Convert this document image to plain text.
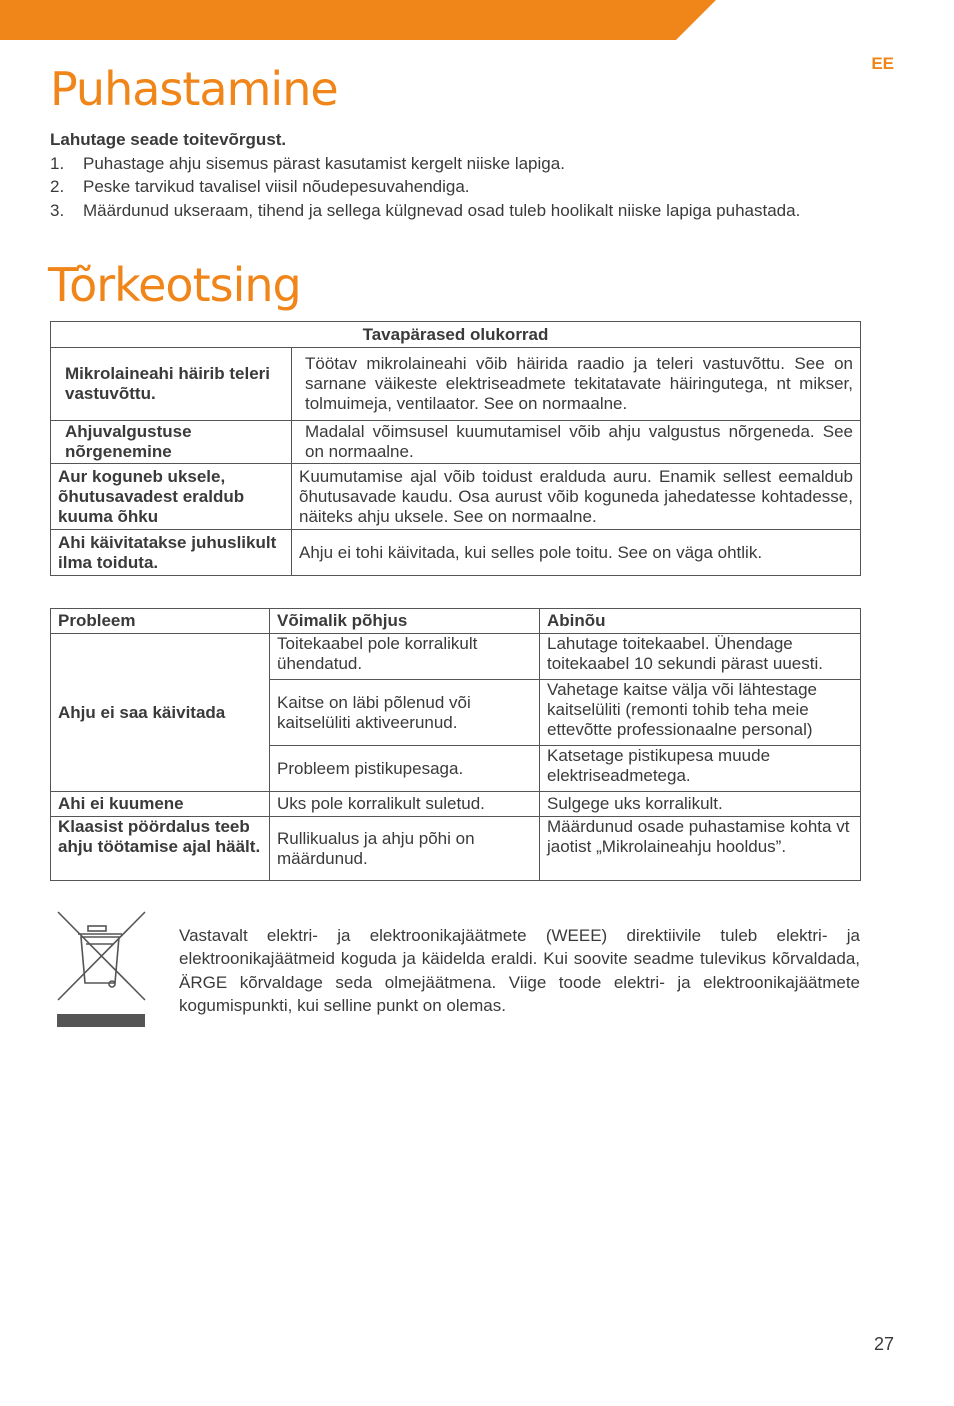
EE
Puhastamine
Lahutage seade toitevõrgust.
1.	Puhastage ahju sisemus pärast kasutamist kergelt niiske lapiga.
2.	Peske tarvikud tavalisel viisil nõudepesuvahendiga.
3.	Määrdunud ukseraam, tihend ja sellega külgnevad osad tuleb hoolikalt niiske lapiga puhastada.
Tõrkeotsing
Tavapärased olukorrad	
Mikrolaineahi häirib teleri vastuvõttu.	Töötav mikrolaineahi võib häirida raadio ja teleri vastuvõttu. See on sarnane väikeste elektriseadmete tekitatavate häiringutega, nt mikser, tolmuimeja, ventilaator. See on normaalne.
Ahjuvalgustuse nõrgenemine	Madalal võimsusel kuumutamisel võib ahju valgustus nõrgeneda. See on normaalne.
Aur koguneb uksele, õhutusavadest eraldub kuuma õhku	Kuumutamise ajal võib toidust eralduda auru. Enamik sellest eemaldub õhutusavade kaudu. Osa aurust võib koguneda jahedatesse kohtadesse, näiteks ahju uksele. See on normaalne.
Ahi käivitatakse juhuslikult ilma toiduta.	Ahju ei tohi käivitada, kui selles pole toitu. See on väga ohtlik.
Probleem	Võimalik põhjus	Abinõu
Ahju ei saa käivitada	Toitekaabel pole korralikult ühendatud.	Lahutage toitekaabel. Ühendage toitekaabel 10 sekundi pärast uuesti.
	Kaitse on läbi põlenud või kaitselüliti aktiveerunud.	Vahetage kaitse välja või lähtestage kaitselüliti (remonti tohib teha meie ettevõtte professionaalne personal)
	Probleem pistikupesaga.	Katsetage pistikupesa muude elektriseadmetega.
Ahi ei kuumene	Uks pole korralikult suletud.	Sulgege uks korralikult.
Klaasist pöördalus teeb ahju töötamise ajal häält.	Rullikualus ja ahju põhi on määrdunud.	Määrdunud osade puhastamise kohta vt jaotist „Mikrolaineahju hooldus”.
Vastavalt elektri- ja elektroonikajäätmete (WEEE) direktiivile tuleb elektri- ja elektroonikajäätmeid koguda ja käidelda eraldi. Kui soovite seadme tulevikus kõrvaldada, ÄRGE kõrvaldage seda olmejäätmena. Viige toode elektri- ja elektroonikajäätmete kogumispunkti, kui selline punkt on olemas.
27
